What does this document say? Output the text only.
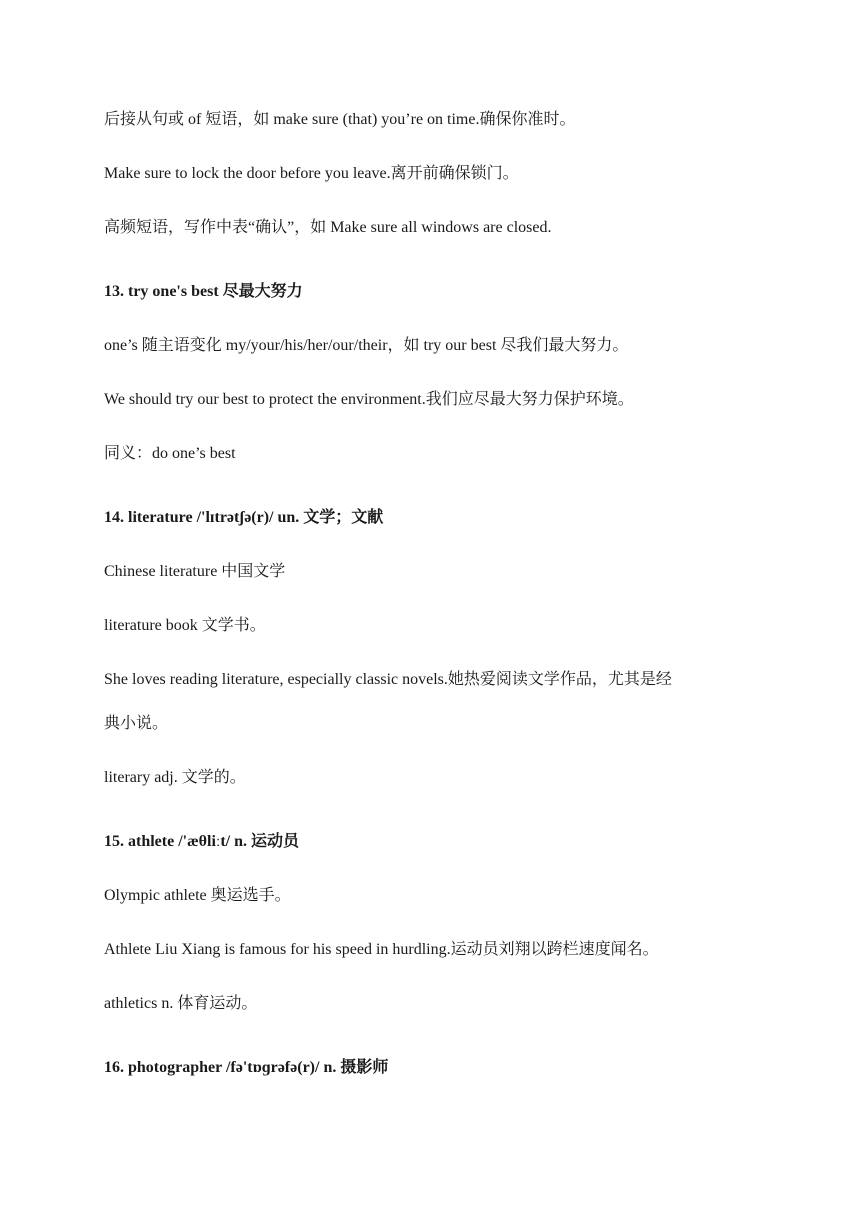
后接从句或 of 短语，如 make sure (that) you’re on time.确保你准时。
Make sure to lock the door before you leave.离开前确保锁门。
高频短语，写作中表“确认”，如 Make sure all windows are closed.
13. try one's best 尽最大努力
one’s 随主语变化 my/your/his/her/our/their，如 try our best 尽我们最大努力。
We should try our best to protect the environment.我们应尽最大努力保护环境。
同义：do one’s best
14. literature /'lɪtrətʃə(r)/ un. 文学；文献
Chinese literature 中国文学
literature book 文学书。
She loves reading literature, especially classic novels.她热爱阅读文学作品，尤其是经
典小说。
literary adj. 文学的。
15. athlete /'æθliːt/ n. 运动员
Olympic athlete 奥运选手。
Athlete Liu Xiang is famous for his speed in hurdling.运动员刘翔以跨栏速度闻名。
athletics n. 体育运动。
16. photographer /fə'tɒɡrəfə(r)/ n. 摄影师
